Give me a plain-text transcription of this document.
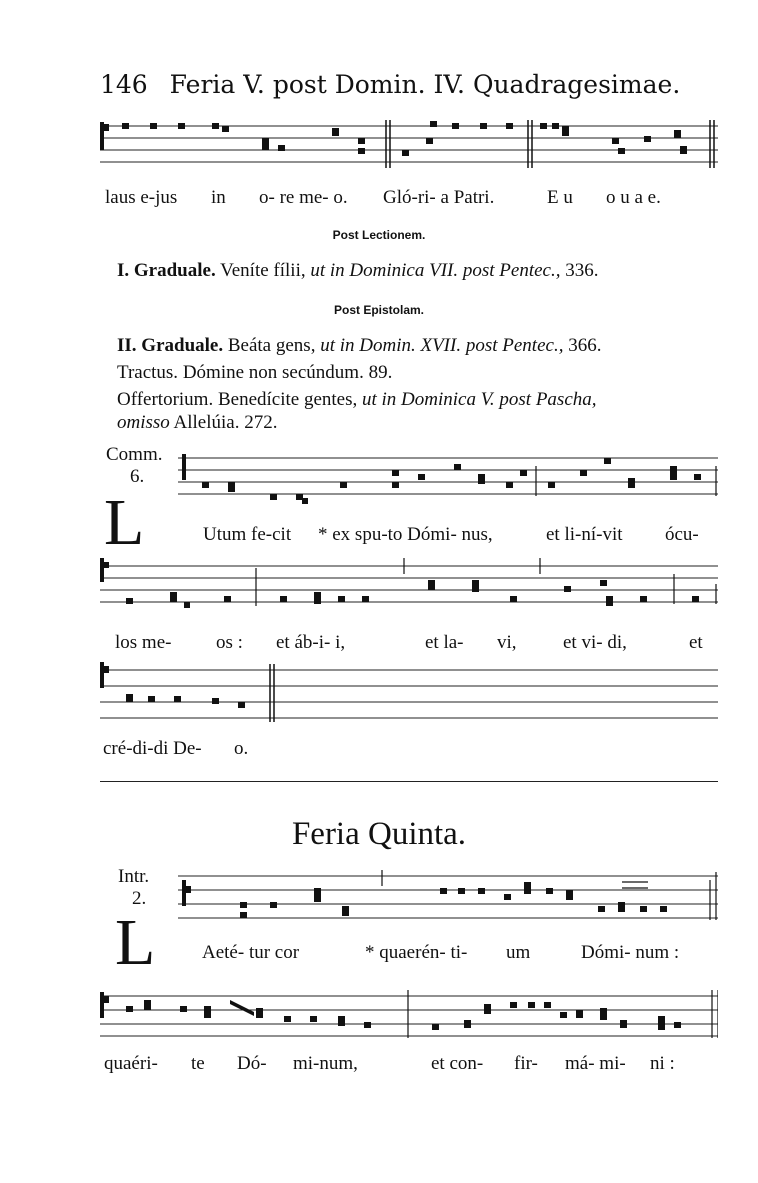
146 Feria V. post Domin. IV. Quadragesimae.
laus e-jus in o- re me- o. Gló-ri- a Patri.	E u o u a e.
Post Lectionem.
I. Graduale. Veníte fílii, ut in Dominica VII. post Pentec., 336.
Post Epistolam.
II. Graduale. Beáta gens, ut in Domin. XVII. post Pentec., 366.
Tractus. Dómine non secúndum. 89.
Offertorium. Benedícite gentes, ut in Dominica V. post Pascha,
omisso Allelúia. 272.
Comm.
6.
L	Utum fe-cit * ex spu-to Dómi- nus,	et li-ní-vit ócu-
los me- os : et áb-i- i,	et la- vi, et vi- di,	et
cré-di-di De- o.
Feria Quinta.
Intr.
2.
L Aeté- tur cor	* quaerén- ti- um	Dómi- num :
quaéri- te Dó- mi-num,	et con- fir- má- mi- ni :
